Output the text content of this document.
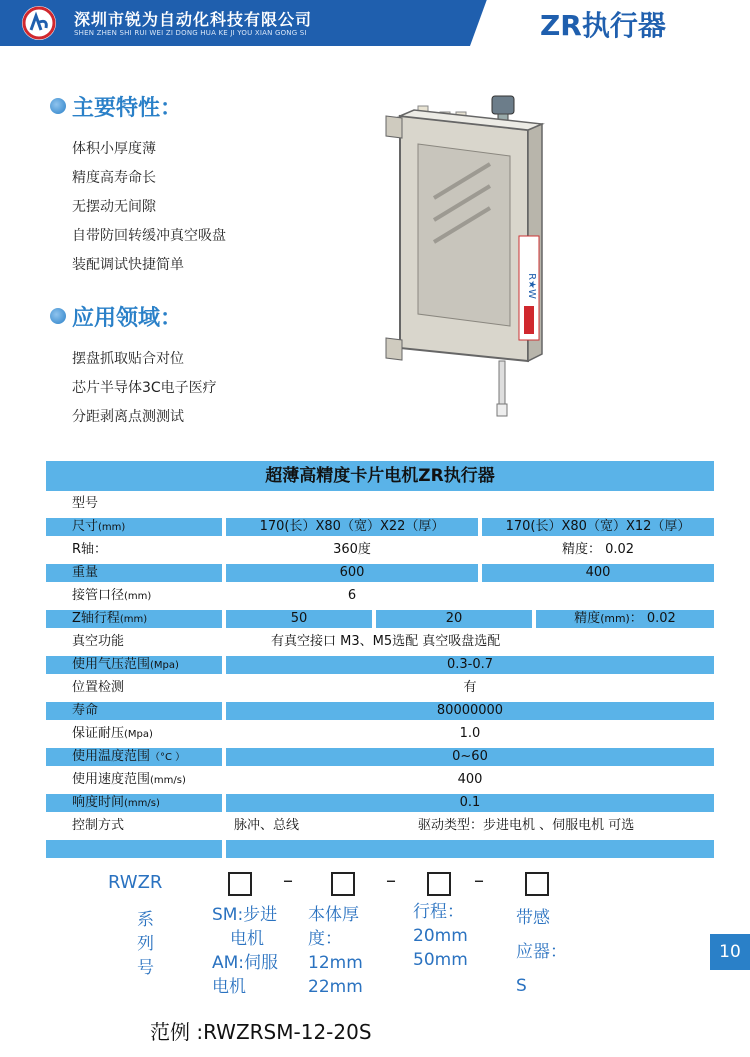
深圳市锐为自动化科技有限公司
SHEN ZHEN SHI RUI WEI ZI DONG HUA KE JI YOU XIAN GONG SI	ZR执行器
主要特性：
体积小厚度薄
精度高寿命长
无摆动无间隙
自带防回转缓冲真空吸盘
装配调试快捷简单
应用领域：
摆盘抓取贴合对位
芯片半导体3C电子医疗
分距剥离点测测试
R★W
超薄高精度卡片电机ZR执行器
型号
尺寸(mm)	170(长）X80（宽）X22（厚）	170(长）X80（宽）X12（厚）
R轴：	360度	精度： 0.02
重量	600	400
接管口径(mm)	6
Z轴行程(mm)	50	20	精度(mm)： 0.02
真空功能	有真空接口 M3、M5选配 真空吸盘选配
使用气压范围(Mpa)	0.3-0.7
位置检测	有
寿命	80000000
保证耐压(Mpa)	1.0
使用温度范围（°C ）	0~60
使用速度范围(mm/s)	400
响度时间(mm/s)	0.1
控制方式	脉冲、总线	驱动类型：步进电机 、伺服电机 可选
RWZR	–	–	–
系
列
号
SM:步进
电机
AM:伺服
电机
本体厚
度：
12mm
22mm
行程：
20mm
50mm
带感
应器：
S
范例 :RWZRSM-12-20S
10
